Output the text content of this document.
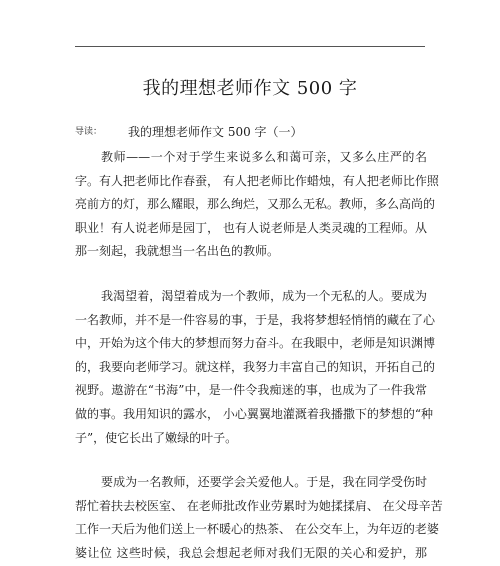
我的理想老师作文 500 字
导读： 我的理想老师作文 500 字（一）
教师——一个对于学生来说多么和蔼可亲，又多么庄严的名
字。有人把老师比作春蚕， 有人把老师比作蜡烛，有人把老师比作照
亮前方的灯，那么耀眼，那么绚烂，又那么无私。教师，多么高尚的
职业！有人说老师是园丁， 也有人说老师是人类灵魂的工程师。从
那一刻起，我就想当一名出色的教师。
我渴望着，渴望着成为一个教师，成为一个无私的人。要成为
一名教师，并不是一件容易的事，于是，我将梦想轻悄悄的藏在了心
中，开始为这个伟大的梦想而努力奋斗。在我眼中，老师是知识渊博
的，我要向老师学习。就这样，我努力丰富自己的知识，开拓自己的
视野。遨游在“书海”中，是一件令我痴迷的事，也成为了一件我常
做的事。我用知识的露水， 小心翼翼地灌溉着我播撒下的梦想的“种
子”，使它长出了嫩绿的叶子。
要成为一名教师，还要学会关爱他人。于是，我在同学受伤时
帮忙着扶去校医室、 在老师批改作业劳累时为她揉揉肩、 在父母辛苦
工作一天后为他们送上一杯暖心的热茶、 在公交车上，为年迈的老婆
婆让位 这些时候，我总会想起老师对我们无限的关心和爱护，那
